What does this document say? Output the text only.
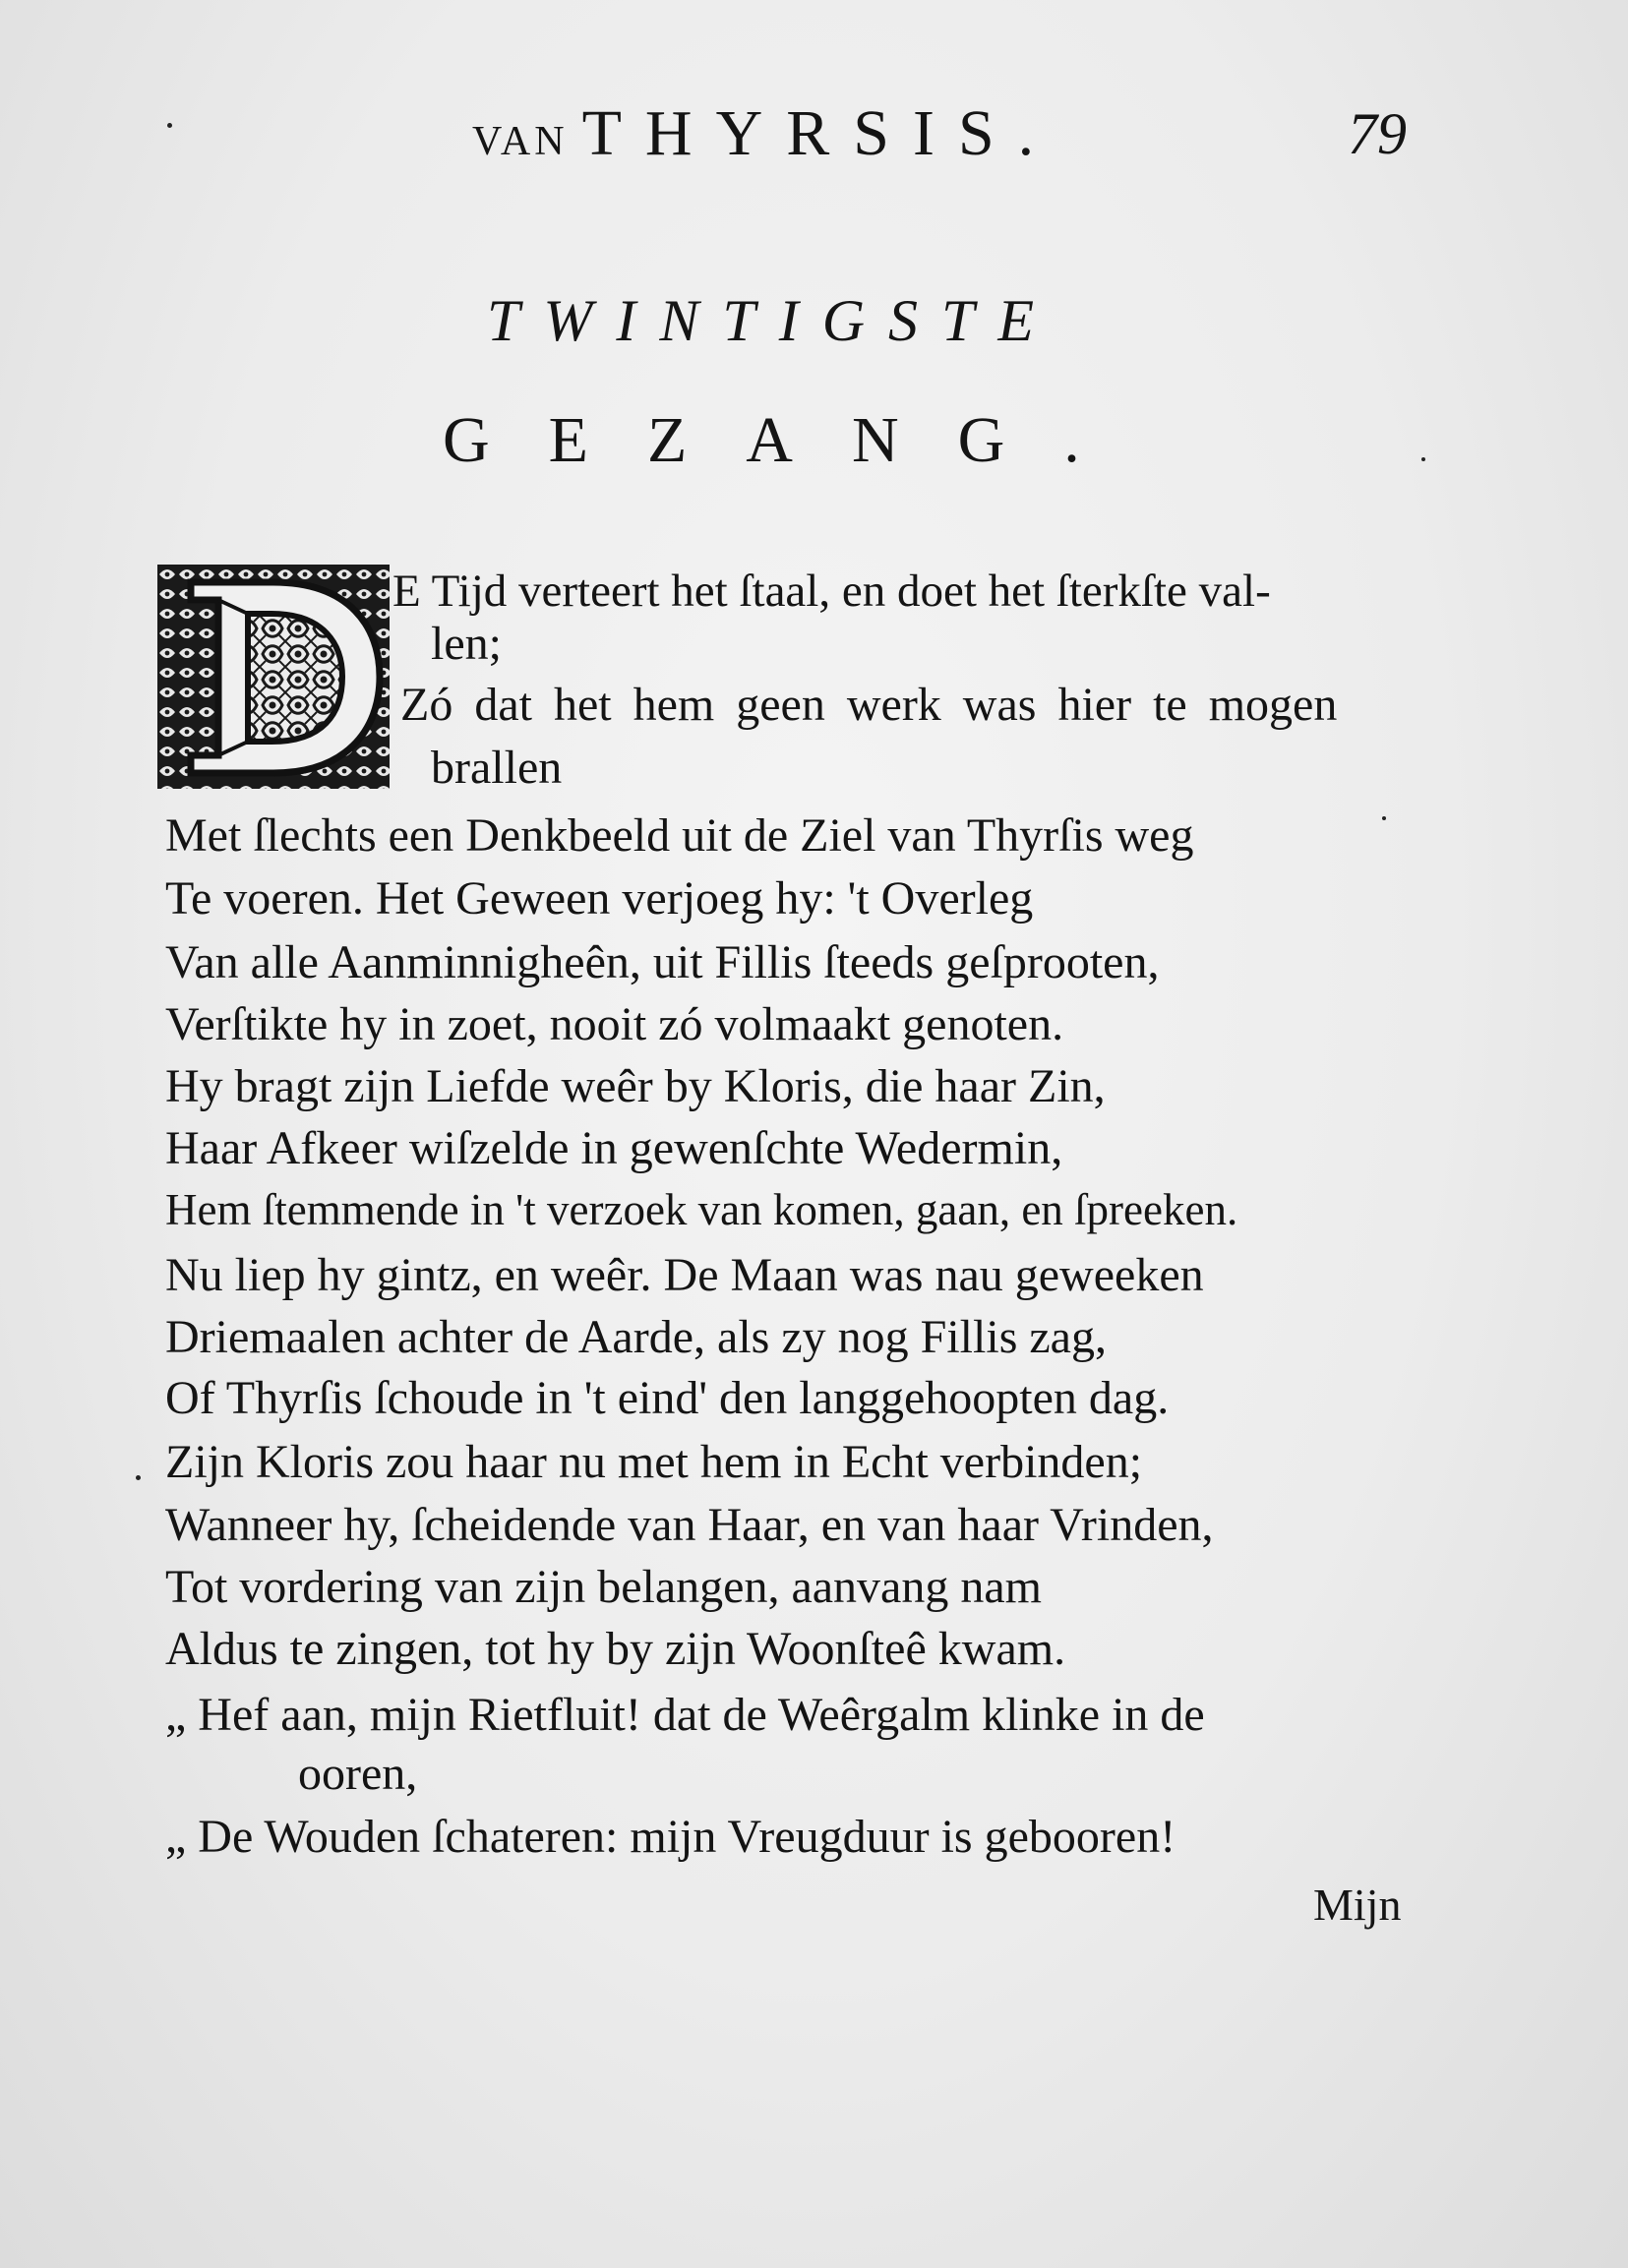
VAN THYRSIS.	79
TWINTIGSTE
GEZANG.
E Tijd verteert het ſtaal, en doet het ſterkſte val-
len;
Zó dat het hem geen werk was hier te mogen
brallen
Met ſlechts een Denkbeeld uit de Ziel van Thyrſis weg
Te voeren. Het Geween verjoeg hy: 't Overleg
Van alle Aanminnigheên, uit Fillis ſteeds geſprooten,
Verſtikte hy in zoet, nooit zó volmaakt genoten.
Hy bragt zijn Liefde weêr by Kloris, die haar Zin,
Haar Afkeer wiſzelde in gewenſchte Wedermin,
Hem ſtemmende in 't verzoek van komen, gaan, en ſpreeken.
Nu liep hy gintz, en weêr. De Maan was nau geweeken
Driemaalen achter de Aarde, als zy nog Fillis zag,
Of Thyrſis ſchoude in 't eind' den langgehoopten dag.
Zijn Kloris zou haar nu met hem in Echt verbinden;
Wanneer hy, ſcheidende van Haar, en van haar Vrinden,
Tot vordering van zijn belangen, aanvang nam
Aldus te zingen, tot hy by zijn Woonſteê kwam.
„ Hef aan, mijn Rietfluit! dat de Weêrgalm klinke in de
ooren,
„ De Wouden ſchateren: mijn Vreugduur is gebooren!
Mijn
